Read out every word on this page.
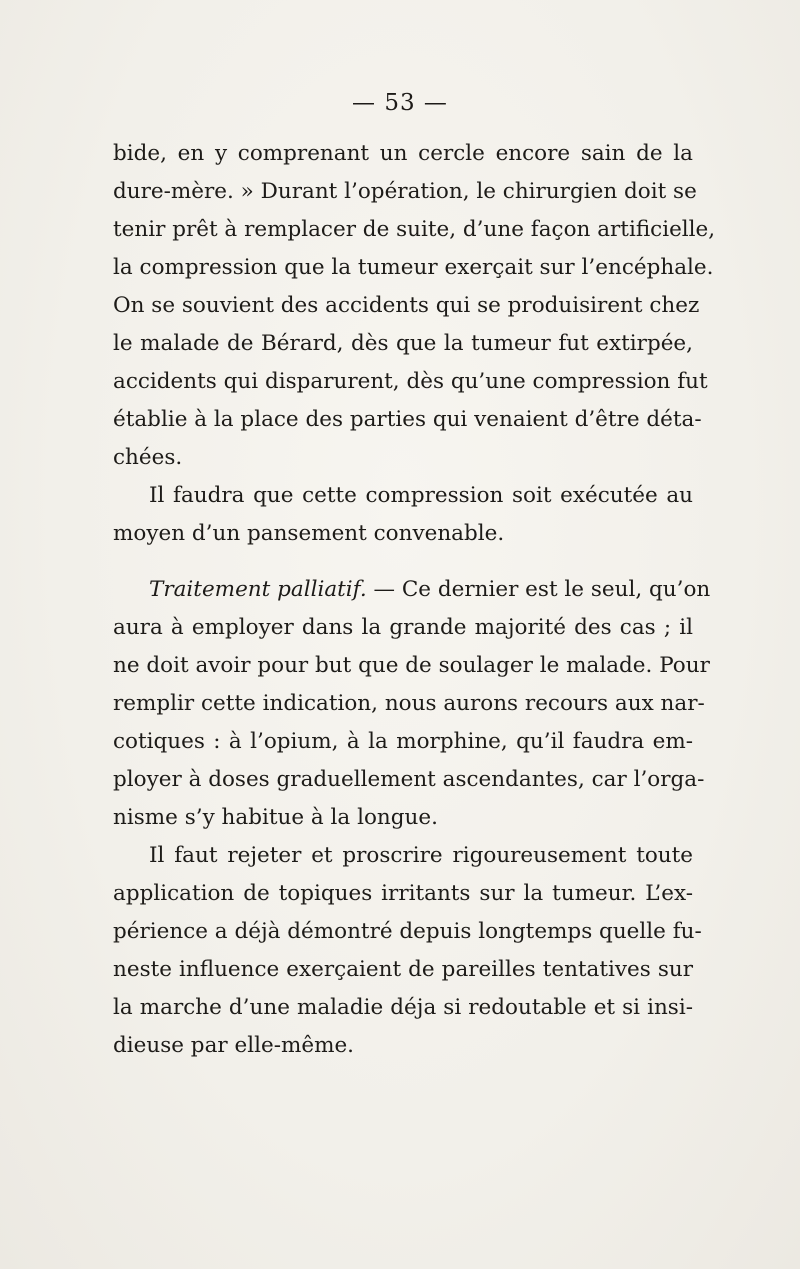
— 53 —
bide, en y comprenant un cercle encore sain de la
dure-mère. » Durant l’opération, le chirurgien doit se
tenir prêt à remplacer de suite, d’une façon artificielle,
la compression que la tumeur exerçait sur l’encéphale.
On se souvient des accidents qui se produisirent chez
le malade de Bérard, dès que la tumeur fut extirpée,
accidents qui disparurent, dès qu’une compression fut
établie à la place des parties qui venaient d’être déta-
chées.
Il faudra que cette compression soit exécutée au
moyen d’un pansement convenable.
Traitement palliatif. — Ce dernier est le seul, qu’on
aura à employer dans la grande majorité des cas ; il
ne doit avoir pour but que de soulager le malade. Pour
remplir cette indication, nous aurons recours aux nar-
cotiques : à l’opium, à la morphine, qu’il faudra em-
ployer à doses graduellement ascendantes, car l’orga-
nisme s’y habitue à la longue.
Il faut rejeter et proscrire rigoureusement toute
application de topiques irritants sur la tumeur. L’ex-
périence a déjà démontré depuis longtemps quelle fu-
neste influence exerçaient de pareilles tentatives sur
la marche d’une maladie déja si redoutable et si insi-
dieuse par elle-même.
